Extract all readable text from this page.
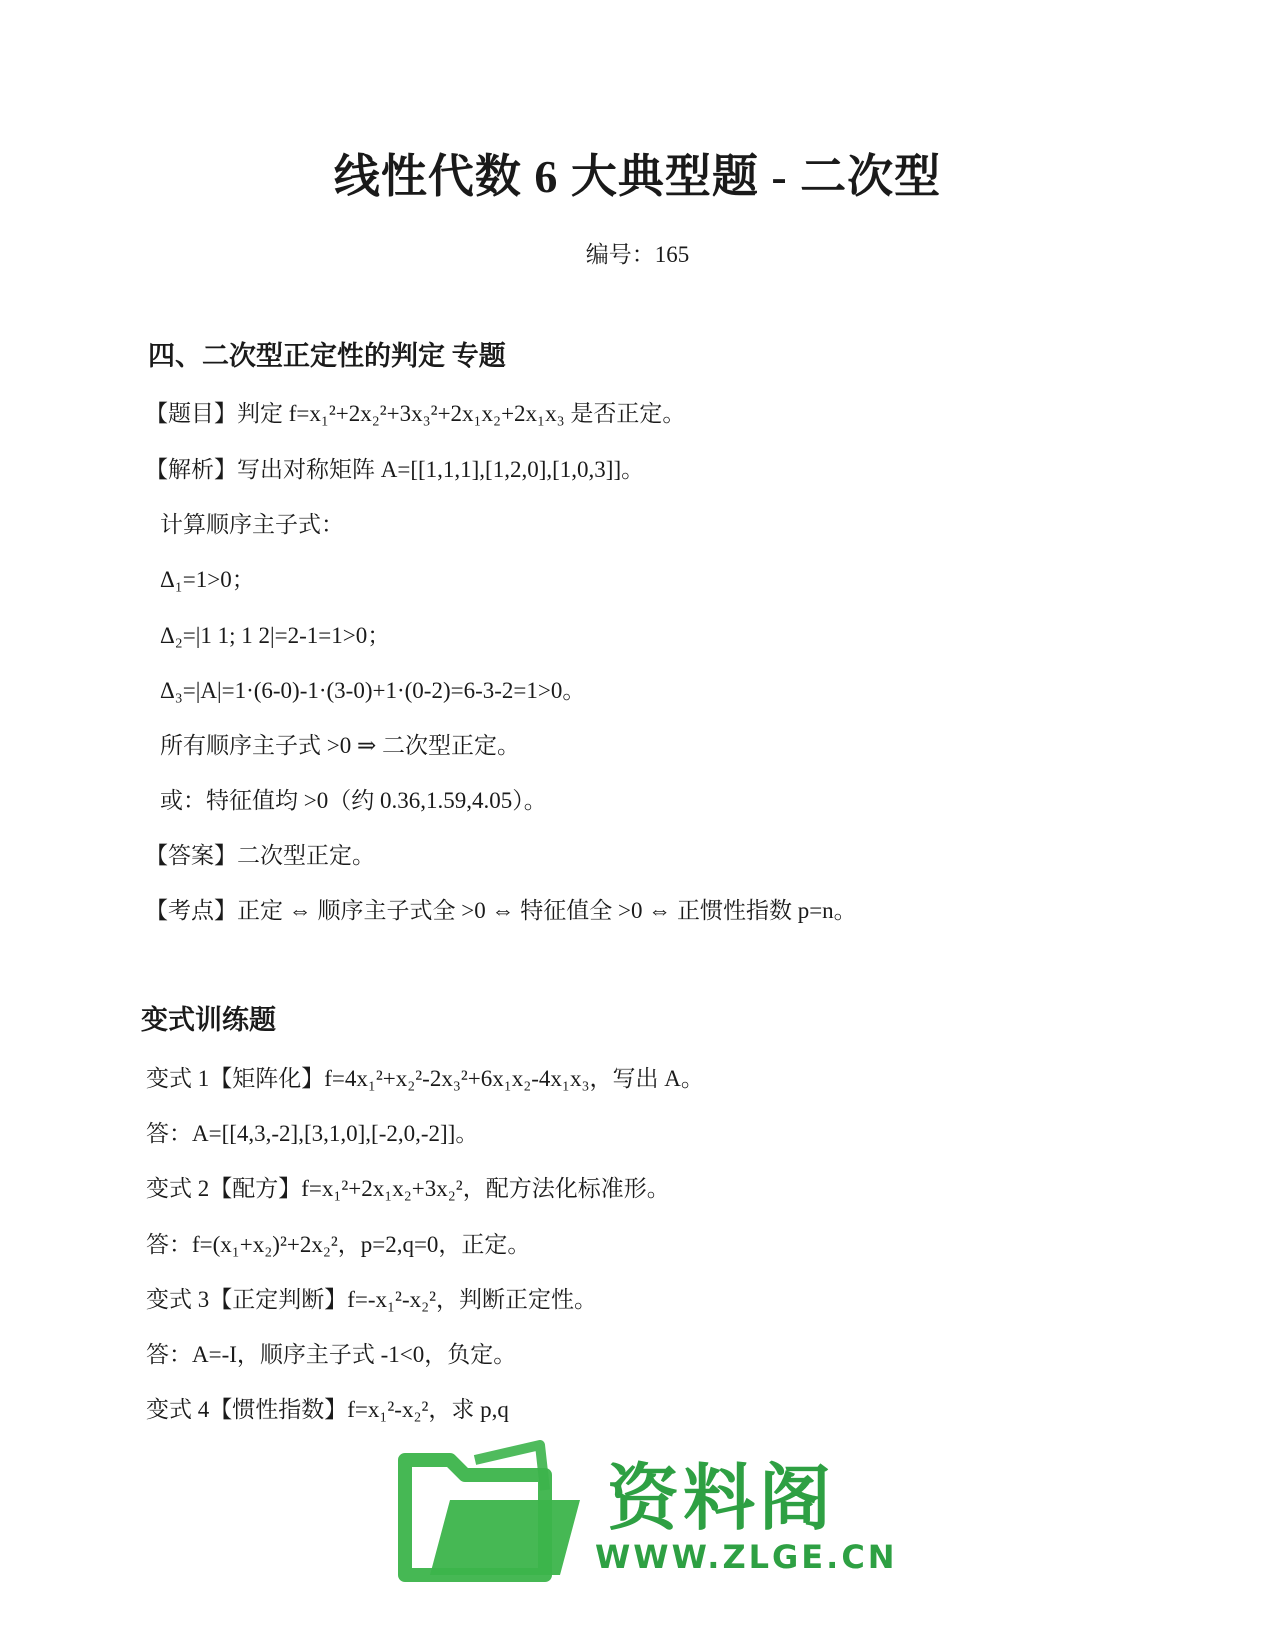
线性代数 6 大典型题 - 二次型
编号：165
四、二次型正定性的判定 专题
【题目】判定 f=x₁²+2x₂²+3x₃²+2x₁x₂+2x₁x₃ 是否正定。
【解析】写出对称矩阵 A=[[1,1,1],[1,2,0],[1,0,3]]。
计算顺序主子式：
Δ₁=1>0；
Δ₂=|1 1; 1 2|=2-1=1>0；
Δ₃=|A|=1·(6-0)-1·(3-0)+1·(0-2)=6-3-2=1>0。
所有顺序主子式 >0 ⇒ 二次型正定。
或：特征值均 >0（约 0.36,1.59,4.05）。
【答案】二次型正定。
【考点】正定 ⇔ 顺序主子式全 >0 ⇔ 特征值全 >0 ⇔ 正惯性指数 p=n。
变式训练题
变式 1【矩阵化】f=4x₁²+x₂²-2x₃²+6x₁x₂-4x₁x₃，写出 A。
答：A=[[4,3,-2],[3,1,0],[-2,0,-2]]。
变式 2【配方】f=x₁²+2x₁x₂+3x₂²，配方法化标准形。
答：f=(x₁+x₂)²+2x₂²，p=2,q=0，正定。
变式 3【正定判断】f=-x₁²-x₂²，判断正定性。
答：A=-I，顺序主子式 -1<0，负定。
变式 4【惯性指数】f=x₁²-x₂²，求 p,q
资料阁
WWW.ZLGE.CN
